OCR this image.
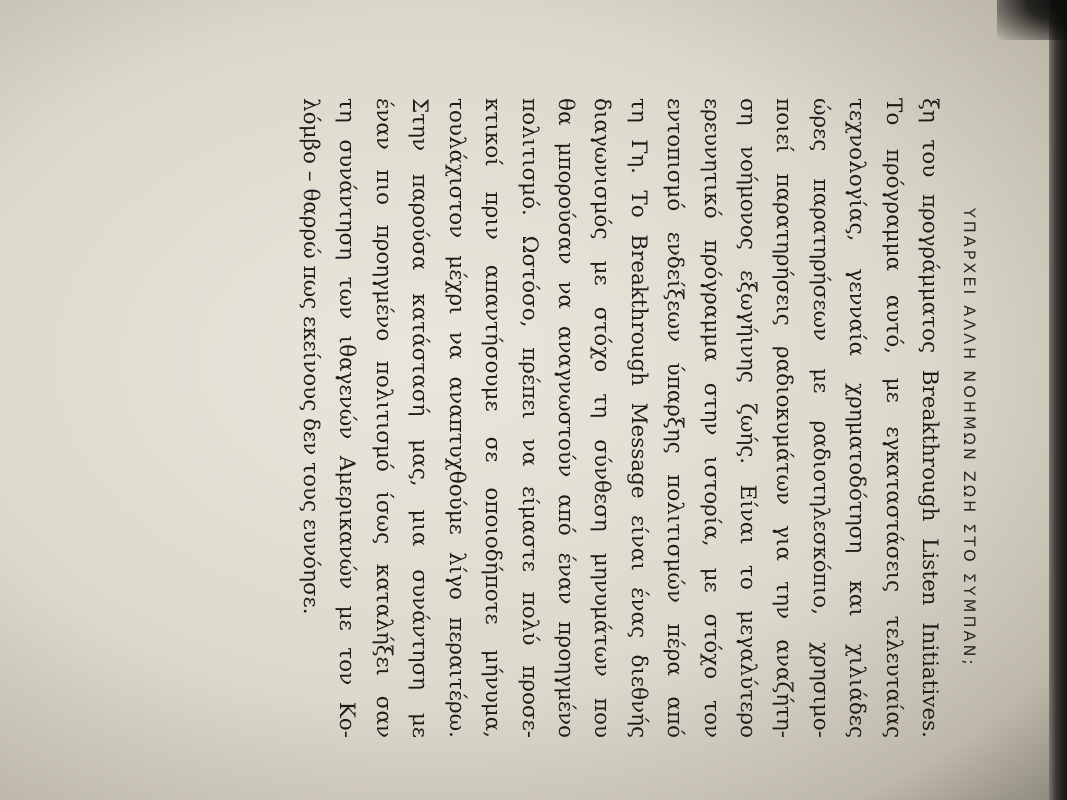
ΥΠΑΡΧΕΙ ΑΛΛΗ ΝΟΗΜΩΝ ΖΩΗ ΣΤΟ ΣΥΜΠΑΝ;
ξη του προγράμματος Breakthrough Listen Initiatives.
Το πρόγραμμα αυτό, με εγκαταστάσεις τελευταίας
τεχνολογίας, γενναία χρηματοδότηση και χιλιάδες
ώρες παρατηρήσεων με ραδιοτηλεσκόπιο, χρησιμο-
ποιεί παρατηρήσεις ραδιοκυμάτων για την αναζήτη-
ση νοήμονος εξωγήινης ζωής. Είναι το μεγαλύτερο
ερευνητικό πρόγραμμα στην ιστορία, με στόχο τον
εντοπισμό ενδείξεων ύπαρξης πολιτισμών πέρα από
τη Γη. Το Breakthrough Message είναι ένας διεθνής
διαγωνισμός με στόχο τη σύνθεση μηνυμάτων που
θα μπορούσαν να αναγνωστούν από έναν προηγμένο
πολιτισμό. Ωστόσο, πρέπει να είμαστε πολύ προσε-
κτικοί πριν απαντήσουμε σε οποιοδήποτε μήνυμα,
τουλάχιστον μέχρι να αναπτυχθούμε λίγο περαιτέρω.
Στην παρούσα κατάστασή μας, μια συνάντηση με
έναν πιο προηγμένο πολιτισμό ίσως καταλήξει σαν
τη συνάντηση των ιθαγενών Αμερικανών με τον Κο-
λόμβο – θαρρώ πως εκείνους δεν τους ευνόησε.
